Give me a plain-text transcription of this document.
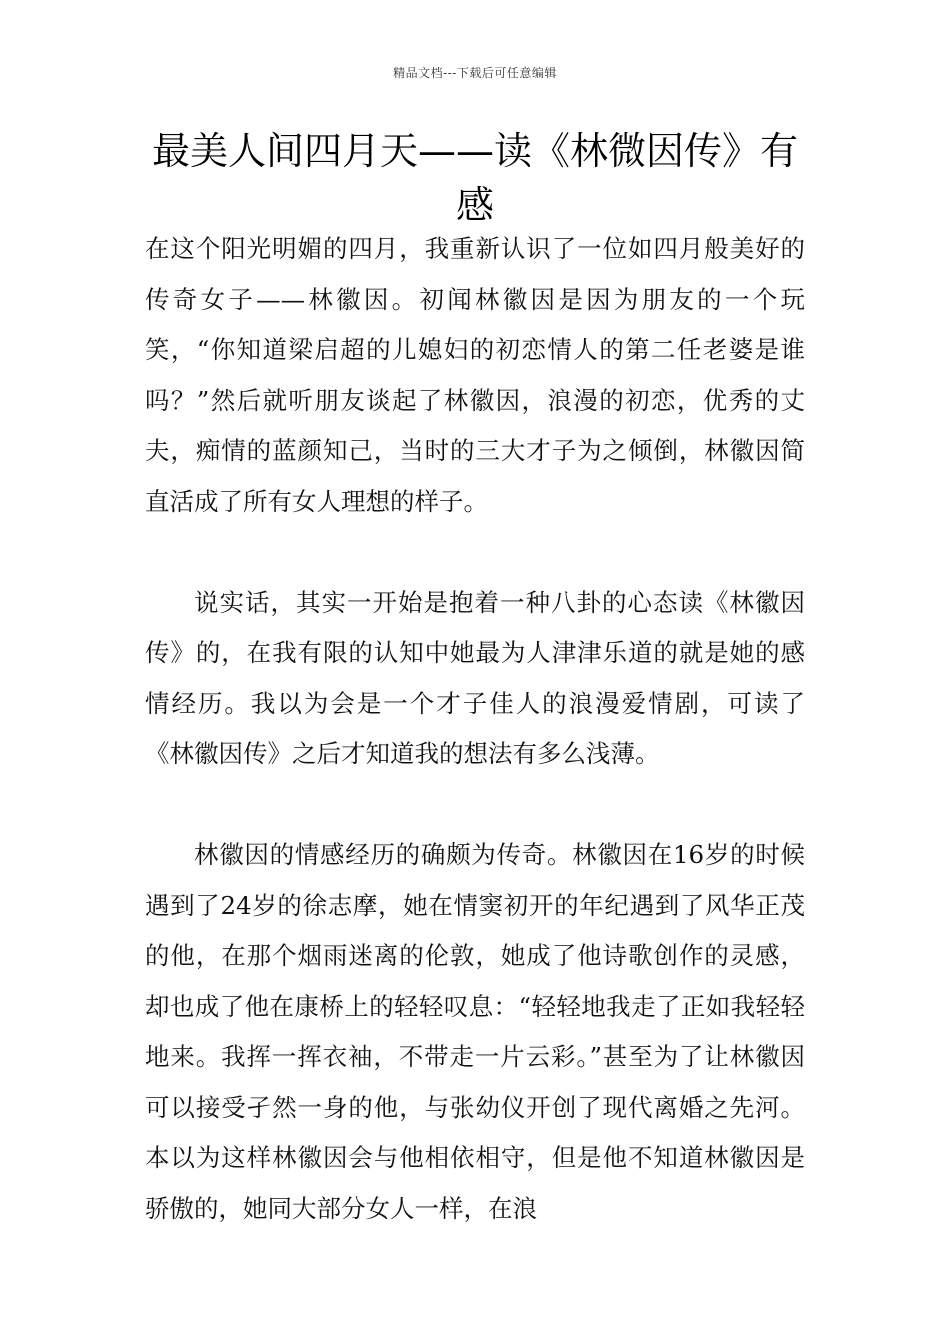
精品文档---下载后可任意编辑
最美人间四月天——读《林微因传》有感

在这个阳光明媚的四月，我重新认识了一位如四月般美好的传奇女子——林徽因。初闻林徽因是因为朋友的一个玩笑，“你知道梁启超的儿媳妇的初恋情人的第二任老婆是谁吗？”然后就听朋友谈起了林徽因，浪漫的初恋，优秀的丈夫，痴情的蓝颜知己，当时的三大才子为之倾倒，林徽因简直活成了所有女人理想的样子。

说实话，其实一开始是抱着一种八卦的心态读《林徽因传》的，在我有限的认知中她最为人津津乐道的就是她的感情经历。我以为会是一个才子佳人的浪漫爱情剧，可读了《林徽因传》之后才知道我的想法有多么浅薄。

林徽因的情感经历的确颇为传奇。林徽因在16岁的时候遇到了24岁的徐志摩，她在情窦初开的年纪遇到了风华正茂的他，在那个烟雨迷离的伦敦，她成了他诗歌创作的灵感，却也成了他在康桥上的轻轻叹息：“轻轻地我走了正如我轻轻地来。我挥一挥衣袖，不带走一片云彩。”甚至为了让林徽因可以接受孑然一身的他，与张幼仪开创了现代离婚之先河。本以为这样林徽因会与他相依相守，但是他不知道林徽因是骄傲的，她同大部分女人一样，在浪
